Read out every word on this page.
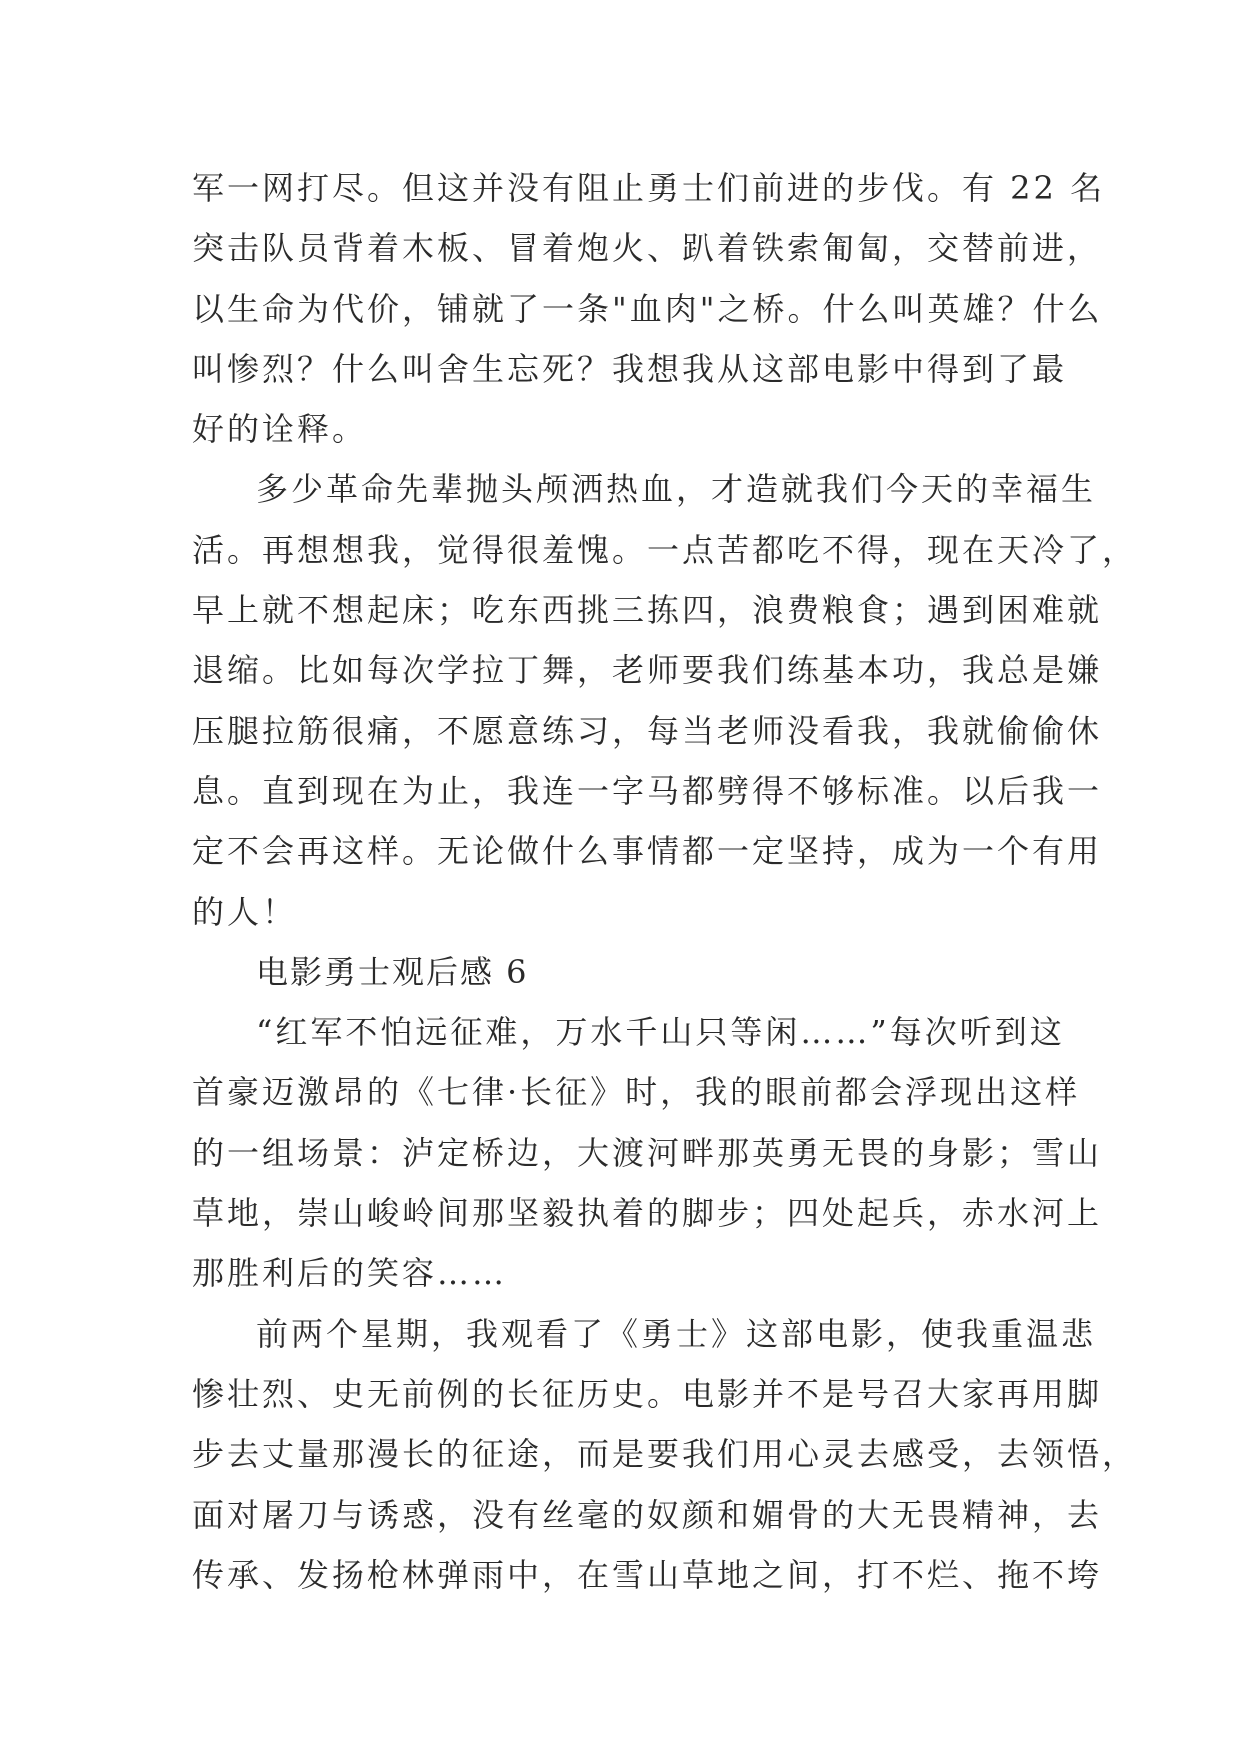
军一网打尽。但这并没有阻止勇士们前进的步伐。有 22 名
突击队员背着木板、冒着炮火、趴着铁索匍匐，交替前进，
以生命为代价，铺就了一条"血肉"之桥。什么叫英雄？什么
叫惨烈？什么叫舍生忘死？我想我从这部电影中得到了最
好的诠释。
多少革命先辈抛头颅洒热血，才造就我们今天的幸福生
活。再想想我，觉得很羞愧。一点苦都吃不得，现在天冷了，
早上就不想起床；吃东西挑三拣四，浪费粮食；遇到困难就
退缩。比如每次学拉丁舞，老师要我们练基本功，我总是嫌
压腿拉筋很痛，不愿意练习，每当老师没看我，我就偷偷休
息。直到现在为止，我连一字马都劈得不够标准。以后我一
定不会再这样。无论做什么事情都一定坚持，成为一个有用
的人！
电影勇士观后感 6
“红军不怕远征难，万水千山只等闲……”每次听到这
首豪迈激昂的《七律·长征》时，我的眼前都会浮现出这样
的一组场景：泸定桥边，大渡河畔那英勇无畏的身影；雪山
草地，崇山峻岭间那坚毅执着的脚步；四处起兵，赤水河上
那胜利后的笑容……
前两个星期，我观看了《勇士》这部电影，使我重温悲
惨壮烈、史无前例的长征历史。电影并不是号召大家再用脚
步去丈量那漫长的征途，而是要我们用心灵去感受，去领悟，
面对屠刀与诱惑，没有丝毫的奴颜和媚骨的大无畏精神，去
传承、发扬枪林弹雨中，在雪山草地之间，打不烂、拖不垮
